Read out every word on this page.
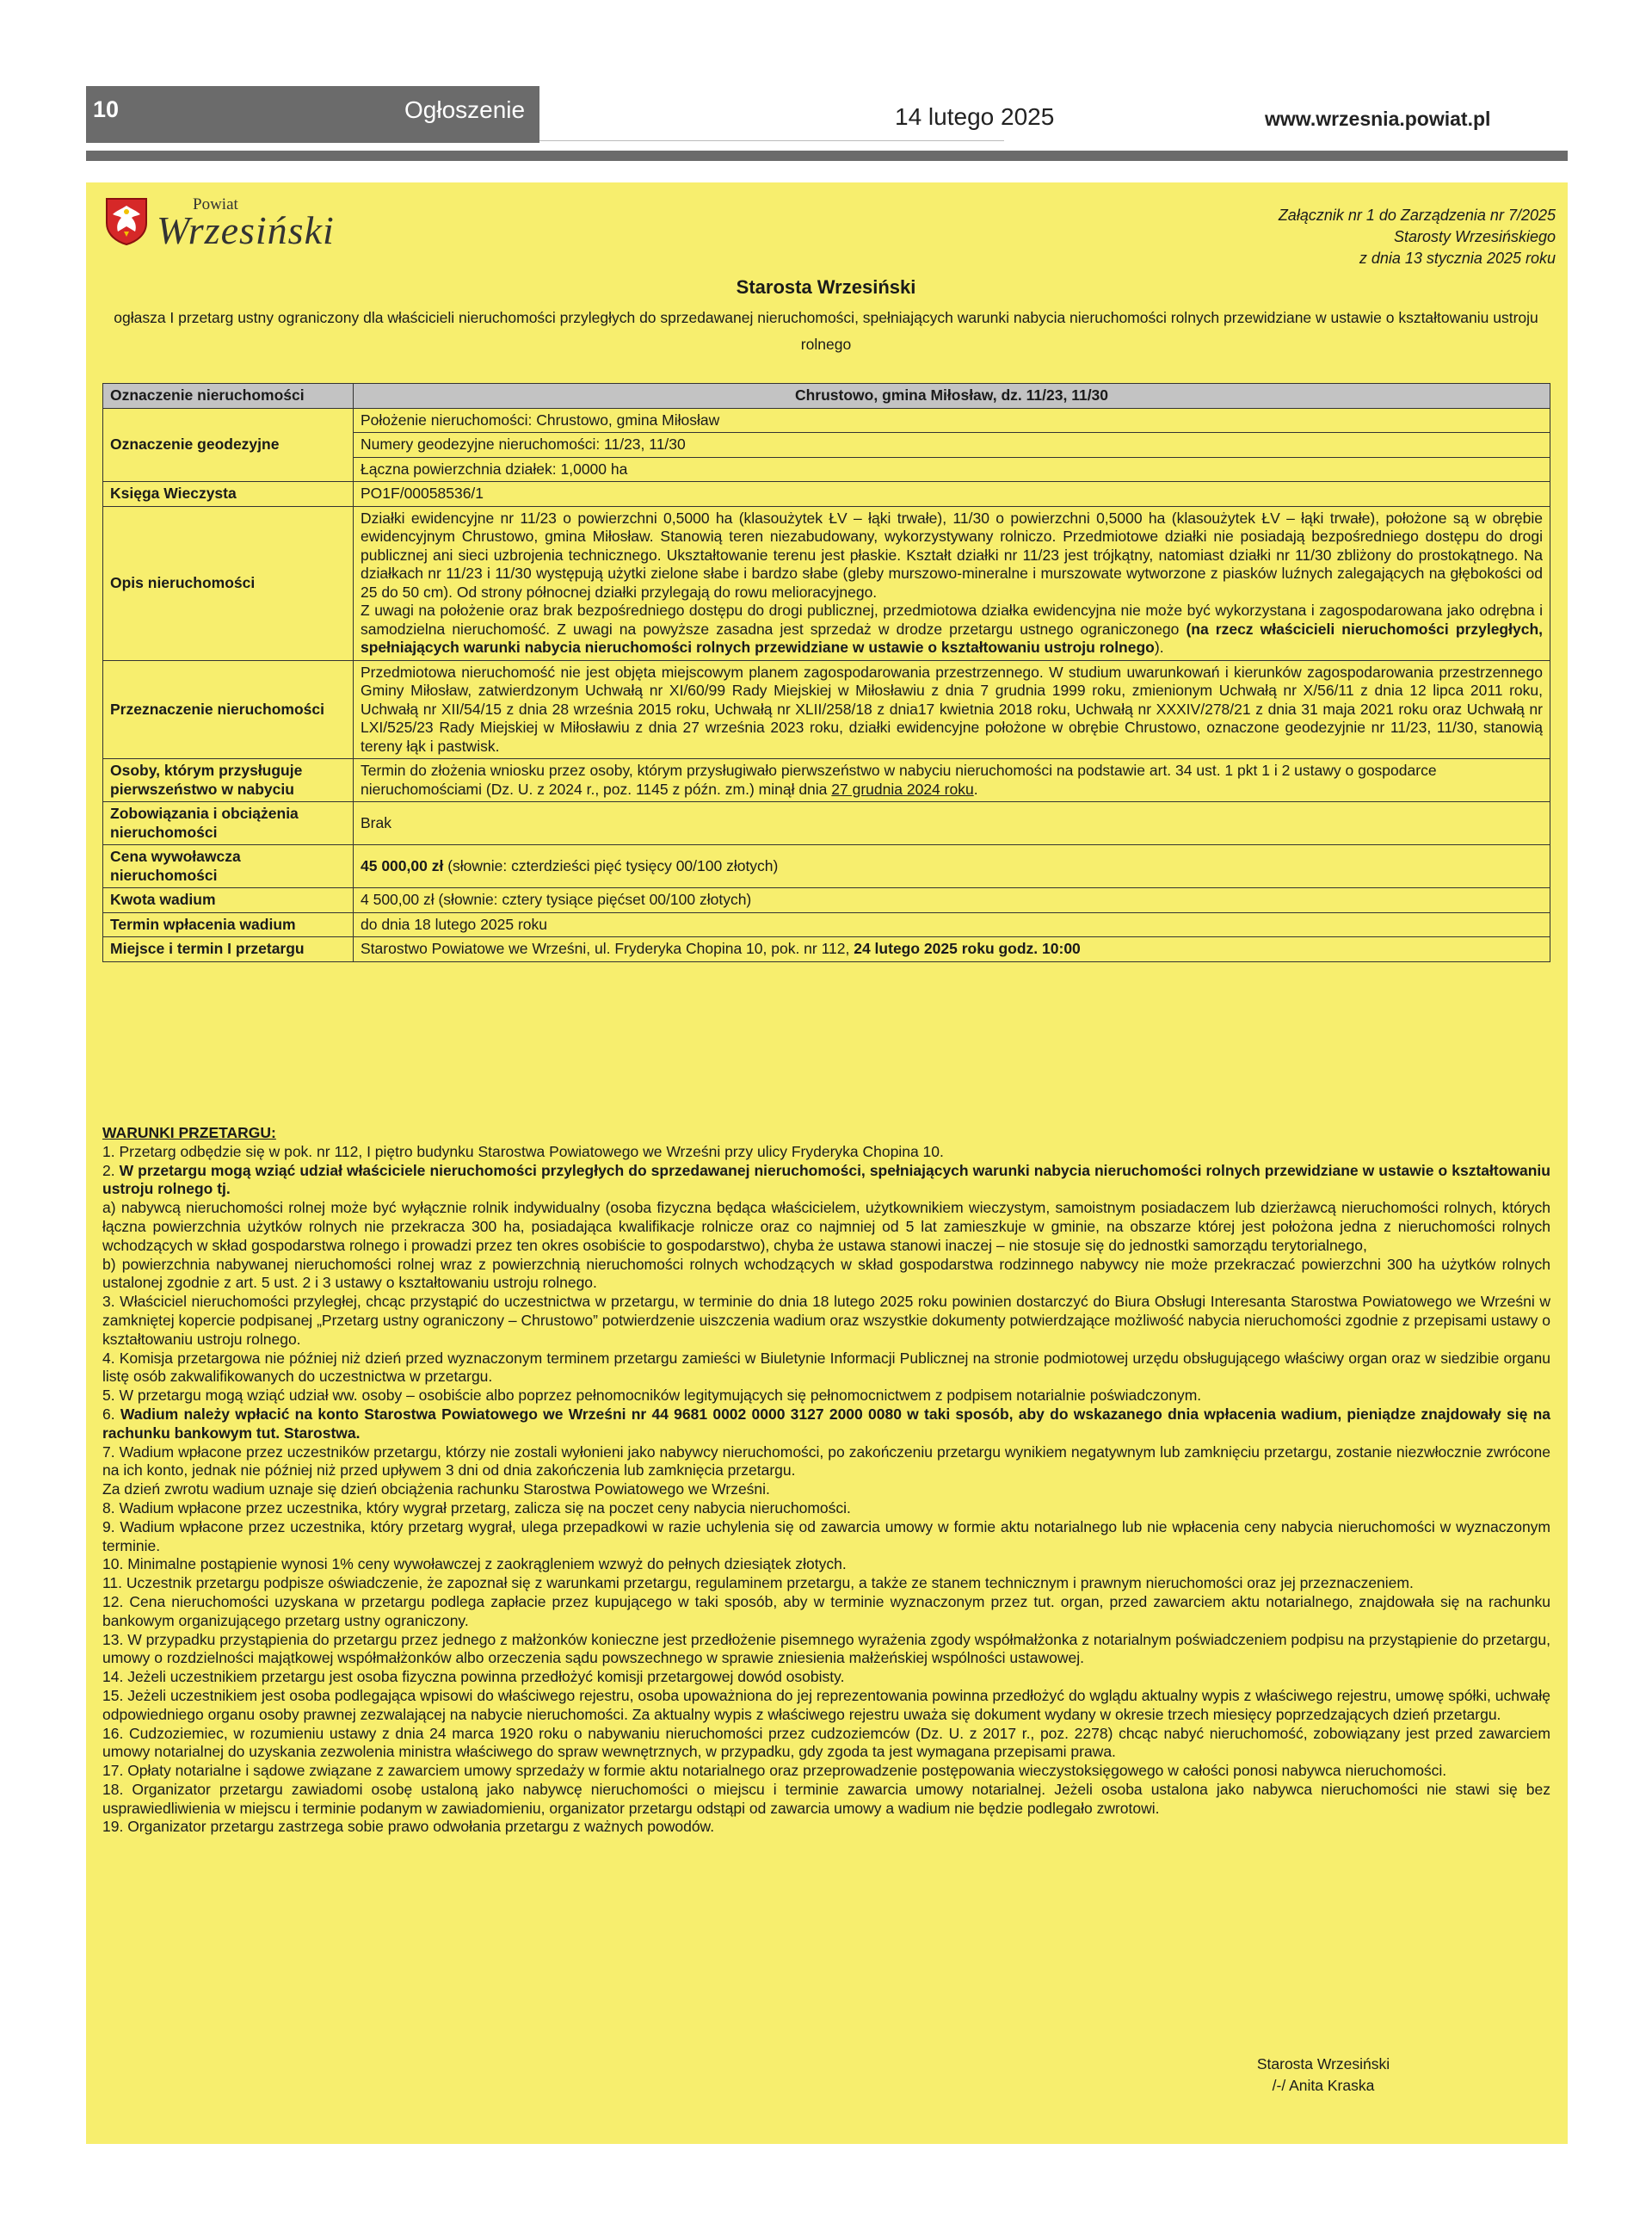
10	Ogłoszenie	14 lutego 2025	www.wrzesnia.powiat.pl
Powiat
Wrzesiński	Załącznik nr 1 do Zarządzenia nr 7/2025
Starosty Wrzesińskiego
z dnia 13 stycznia 2025 roku
Starosta Wrzesiński
ogłasza I przetarg ustny ograniczony dla właścicieli nieruchomości przyległych do sprzedawanej nieruchomości, spełniających warunki nabycia nieruchomości rolnych przewidziane w ustawie o kształtowaniu ustroju rolnego
Oznaczenie nieruchomości	Chrustowo, gmina Miłosław, dz. 11/23, 11/30
Oznaczenie geodezyjne	Położenie nieruchomości: Chrustowo, gmina Miłosław
	Numery geodezyjne nieruchomości: 11/23, 11/30
	Łączna powierzchnia działek: 1,0000 ha
Księga Wieczysta	PO1F/00058536/1
Opis nieruchomości	Działki ewidencyjne nr 11/23 o powierzchni 0,5000 ha (klasoużytek ŁV – łąki trwałe), 11/30 o powierzchni 0,5000 ha (klasoużytek ŁV – łąki trwałe), położone są w obrębie ewidencyjnym Chrustowo, gmina Miłosław. Stanowią teren niezabudowany, wykorzystywany rolniczo. Przedmiotowe działki nie posiadają bezpośredniego dostępu do drogi publicznej ani sieci uzbrojenia technicznego. Ukształtowanie terenu jest płaskie. Kształt działki nr 11/23 jest trójkątny, natomiast działki nr 11/30 zbliżony do prostokątnego. Na działkach nr 11/23 i 11/30 występują użytki zielone słabe i bardzo słabe (gleby murszowo-mineralne i murszowate wytworzone z piasków luźnych zalegających na głębokości od 25 do 50 cm). Od strony północnej działki przylegają do rowu melioracyjnego.
Z uwagi na położenie oraz brak bezpośredniego dostępu do drogi publicznej, przedmiotowa działka ewidencyjna nie może być wykorzystana i zagospodarowana jako odrębna i samodzielna nieruchomość. Z uwagi na powyższe zasadna jest sprzedaż w drodze przetargu ustnego ograniczonego (na rzecz właścicieli nieruchomości przyległych, spełniających warunki nabycia nieruchomości rolnych przewidziane w ustawie o kształtowaniu ustroju rolnego).

Przeznaczenie nieruchomości	Przedmiotowa nieruchomość nie jest objęta miejscowym planem zagospodarowania przestrzennego. W studium uwarunkowań i kierunków zagospodarowania przestrzennego Gminy Miłosław, zatwierdzonym Uchwałą nr XI/60/99 Rady Miejskiej w Miłosławiu z dnia 7 grudnia 1999 roku, zmienionym Uchwałą nr X/56/11 z dnia 12 lipca 2011 roku, Uchwałą nr XII/54/15 z dnia 28 września 2015 roku, Uchwałą nr XLII/258/18 z dnia17 kwietnia 2018 roku, Uchwałą nr XXXIV/278/21 z dnia 31 maja 2021 roku oraz Uchwałą nr LXI/525/23 Rady Miejskiej w Miłosławiu z dnia 27 września 2023 roku, działki ewidencyjne położone w obrębie Chrustowo, oznaczone geodezyjnie nr 11/23, 11/30, stanowią tereny łąk i pastwisk.
Osoby, którym przysługuje pierwszeństwo w nabyciu	Termin do złożenia wniosku przez osoby, którym przysługiwało pierwszeństwo w nabyciu nieruchomości na podstawie art. 34 ust. 1 pkt 1 i 2 ustawy o gospodarce nieruchomościami (Dz. U. z 2024 r., poz. 1145 z późn. zm.) minął dnia 27 grudnia 2024 roku.
Zobowiązania i obciążenia nieruchomości	Brak
Cena wywoławcza nieruchomości	45 000,00 zł (słownie: czterdzieści pięć tysięcy 00/100 złotych)
Kwota wadium	4 500,00 zł (słownie: cztery tysiące pięćset 00/100 złotych)
Termin wpłacenia wadium	do dnia 18 lutego 2025 roku
Miejsce i termin I przetargu	Starostwo Powiatowe we Wrześni, ul. Fryderyka Chopina 10, pok. nr 112, 24 lutego 2025 roku godz. 10:00

WARUNKI PRZETARGU:

1. Przetarg odbędzie się w pok. nr 112, I piętro budynku Starostwa Powiatowego we Wrześni przy ulicy Fryderyka Chopina 10.

2. W przetargu mogą wziąć udział właściciele nieruchomości przyległych do sprzedawanej nieruchomości, spełniających warunki nabycia nieruchomości rolnych przewidziane w ustawie o kształtowaniu ustroju rolnego tj.

a) nabywcą nieruchomości rolnej może być wyłącznie rolnik indywidualny (osoba fizyczna będąca właścicielem, użytkownikiem wieczystym, samoistnym posiadaczem lub dzierżawcą nieruchomości rolnych, których łączna powierzchnia użytków rolnych nie przekracza 300 ha, posiadająca kwalifikacje rolnicze oraz co najmniej od 5 lat zamieszkuje w gminie, na obszarze której jest położona jedna z nieruchomości rolnych wchodzących w skład gospodarstwa rolnego i prowadzi przez ten okres osobiście to gospodarstwo), chyba że ustawa stanowi inaczej – nie stosuje się do jednostki samorządu terytorialnego,

b) powierzchnia nabywanej nieruchomości rolnej wraz z powierzchnią nieruchomości rolnych wchodzących w skład gospodarstwa rodzinnego nabywcy nie może przekraczać powierzchni 300 ha użytków rolnych ustalonej zgodnie z art. 5 ust. 2 i 3 ustawy o kształtowaniu ustroju rolnego.

3. Właściciel nieruchomości przyległej, chcąc przystąpić do uczestnictwa w przetargu, w terminie do dnia 18 lutego 2025 roku powinien dostarczyć do Biura Obsługi Interesanta Starostwa Powiatowego we Wrześni w zamkniętej kopercie podpisanej „Przetarg ustny ograniczony – Chrustowo” potwierdzenie uiszczenia wadium oraz wszystkie dokumenty potwierdzające możliwość nabycia nieruchomości zgodnie z przepisami ustawy o kształtowaniu ustroju rolnego.

4. Komisja przetargowa nie później niż dzień przed wyznaczonym terminem przetargu zamieści w Biuletynie Informacji Publicznej na stronie podmiotowej urzędu obsługującego właściwy organ oraz w siedzibie organu listę osób zakwalifikowanych do uczestnictwa w przetargu.

5. W przetargu mogą wziąć udział ww. osoby – osobiście albo poprzez pełnomocników legitymujących się pełnomocnictwem z podpisem notarialnie poświadczonym.

6. Wadium należy wpłacić na konto Starostwa Powiatowego we Wrześni nr 44 9681 0002 0000 3127 2000 0080 w taki sposób, aby do wskazanego dnia wpłacenia wadium, pieniądze znajdowały się na rachunku bankowym tut. Starostwa.

7. Wadium wpłacone przez uczestników przetargu, którzy nie zostali wyłonieni jako nabywcy nieruchomości, po zakończeniu przetargu wynikiem negatywnym lub zamknięciu przetargu, zostanie niezwłocznie zwrócone na ich konto, jednak nie później niż przed upływem 3 dni od dnia zakończenia lub zamknięcia przetargu.

Za dzień zwrotu wadium uznaje się dzień obciążenia rachunku Starostwa Powiatowego we Wrześni.

8. Wadium wpłacone przez uczestnika, który wygrał przetarg, zalicza się na poczet ceny nabycia nieruchomości.

9. Wadium wpłacone przez uczestnika, który przetarg wygrał, ulega przepadkowi w razie uchylenia się od zawarcia umowy w formie aktu notarialnego lub nie wpłacenia ceny nabycia nieruchomości w wyznaczonym terminie.

10. Minimalne postąpienie wynosi 1% ceny wywoławczej z zaokrągleniem wzwyż do pełnych dziesiątek złotych.

11. Uczestnik przetargu podpisze oświadczenie, że zapoznał się z warunkami przetargu, regulaminem przetargu, a także ze stanem technicznym i prawnym nieruchomości oraz jej przeznaczeniem.

12. Cena nieruchomości uzyskana w przetargu podlega zapłacie przez kupującego w taki sposób, aby w terminie wyznaczonym przez tut. organ, przed zawarciem aktu notarialnego, znajdowała się na rachunku bankowym organizującego przetarg ustny ograniczony.

13. W przypadku przystąpienia do przetargu przez jednego z małżonków konieczne jest przedłożenie pisemnego wyrażenia zgody współmałżonka z notarialnym poświadczeniem podpisu na przystąpienie do przetargu, umowy o rozdzielności majątkowej współmałżonków albo orzeczenia sądu powszechnego w sprawie zniesienia małżeńskiej wspólności ustawowej.

14. Jeżeli uczestnikiem przetargu jest osoba fizyczna powinna przedłożyć komisji przetargowej dowód osobisty.

15. Jeżeli uczestnikiem jest osoba podlegająca wpisowi do właściwego rejestru, osoba upoważniona do jej reprezentowania powinna przedłożyć do wglądu aktualny wypis z właściwego rejestru, umowę spółki, uchwałę odpowiedniego organu osoby prawnej zezwalającej na nabycie nieruchomości. Za aktualny wypis z właściwego rejestru uważa się dokument wydany w okresie trzech miesięcy poprzedzających dzień przetargu.

16. Cudzoziemiec, w rozumieniu ustawy z dnia 24 marca 1920 roku o nabywaniu nieruchomości przez cudzoziemców (Dz. U. z 2017 r., poz. 2278) chcąc nabyć nieruchomość, zobowiązany jest przed zawarciem umowy notarialnej do uzyskania zezwolenia ministra właściwego do spraw wewnętrznych, w przypadku, gdy zgoda ta jest wymagana przepisami prawa.

17. Opłaty notarialne i sądowe związane z zawarciem umowy sprzedaży w formie aktu notarialnego oraz przeprowadzenie postępowania wieczystoksięgowego w całości ponosi nabywca nieruchomości.

18. Organizator przetargu zawiadomi osobę ustaloną jako nabywcę nieruchomości o miejscu i terminie zawarcia umowy notarialnej. Jeżeli osoba ustalona jako nabywca nieruchomości nie stawi się bez usprawiedliwienia w miejscu i terminie podanym w zawiadomieniu, organizator przetargu odstąpi od zawarcia umowy a wadium nie będzie podlegało zwrotowi.

19. Organizator przetargu zastrzega sobie prawo odwołania przetargu z ważnych powodów.

Starosta Wrzesiński
/-/ Anita Kraska
